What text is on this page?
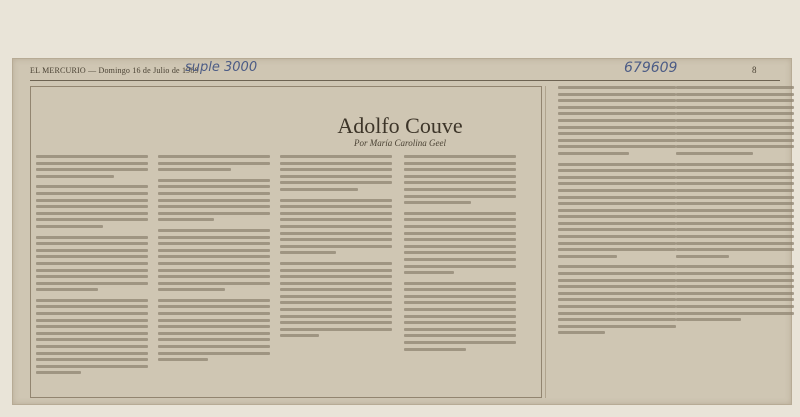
EL MERCURIO — Domingo 16 de Julio de 1989
suple 3000	679609	8
Adolfo Couve
Por María Carolina Geel
